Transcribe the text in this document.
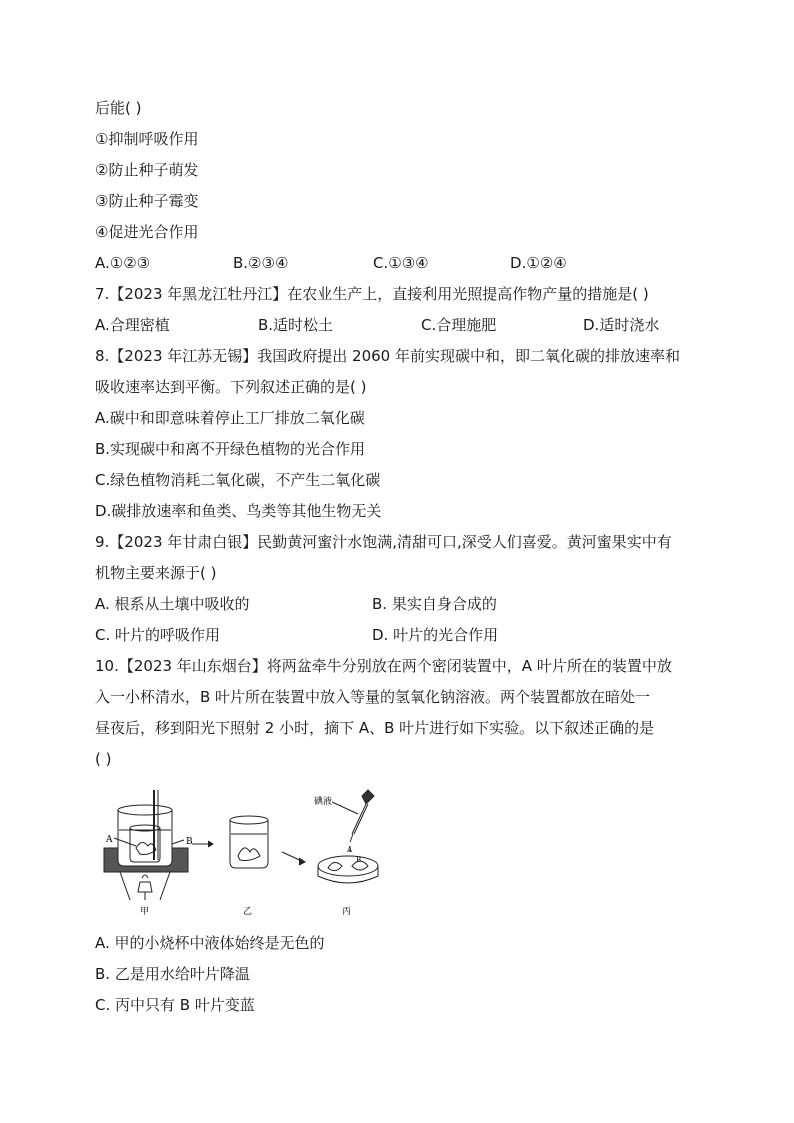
后能( )
①抑制呼吸作用
②防止种子萌发
③防止种子霉变
④促进光合作用
A.①②③	B.②③④	C.①③④	D.①②④
7.【2023 年黑龙江牡丹江】在农业生产上，直接利用光照提高作物产量的措施是( )
A.合理密植	B.适时松土	C.合理施肥	D.适时浇水
8.【2023 年江苏无锡】我国政府提出 2060 年前实现碳中和，即二氧化碳的排放速率和
吸收速率达到平衡。下列叙述正确的是( )
A.碳中和即意味着停止工厂排放二氧化碳
B.实现碳中和离不开绿色植物的光合作用
C.绿色植物消耗二氧化碳，不产生二氧化碳
D.碳排放速率和鱼类、鸟类等其他生物无关
9.【2023 年甘肃白银】民勤黄河蜜汁水饱满,清甜可口,深受人们喜爱。黄河蜜果实中有
机物主要来源于( )
A. 根系从土壤中吸收的	B. 果实自身合成的
C. 叶片的呼吸作用	D. 叶片的光合作用
10.【2023 年山东烟台】将两盆牵牛分别放在两个密闭装置中，A 叶片所在的装置中放
入一小杯清水，B 叶片所在装置中放入等量的氢氧化钠溶液。两个装置都放在暗处一
昼夜后，移到阳光下照射 2 小时，摘下 A、B 叶片进行如下实验。以下叙述正确的是
( )
A	B
碘液
A
B
甲	乙	丙
A. 甲的小烧杯中液体始终是无色的
B. 乙是用水给叶片降温
C. 丙中只有 B 叶片变蓝
